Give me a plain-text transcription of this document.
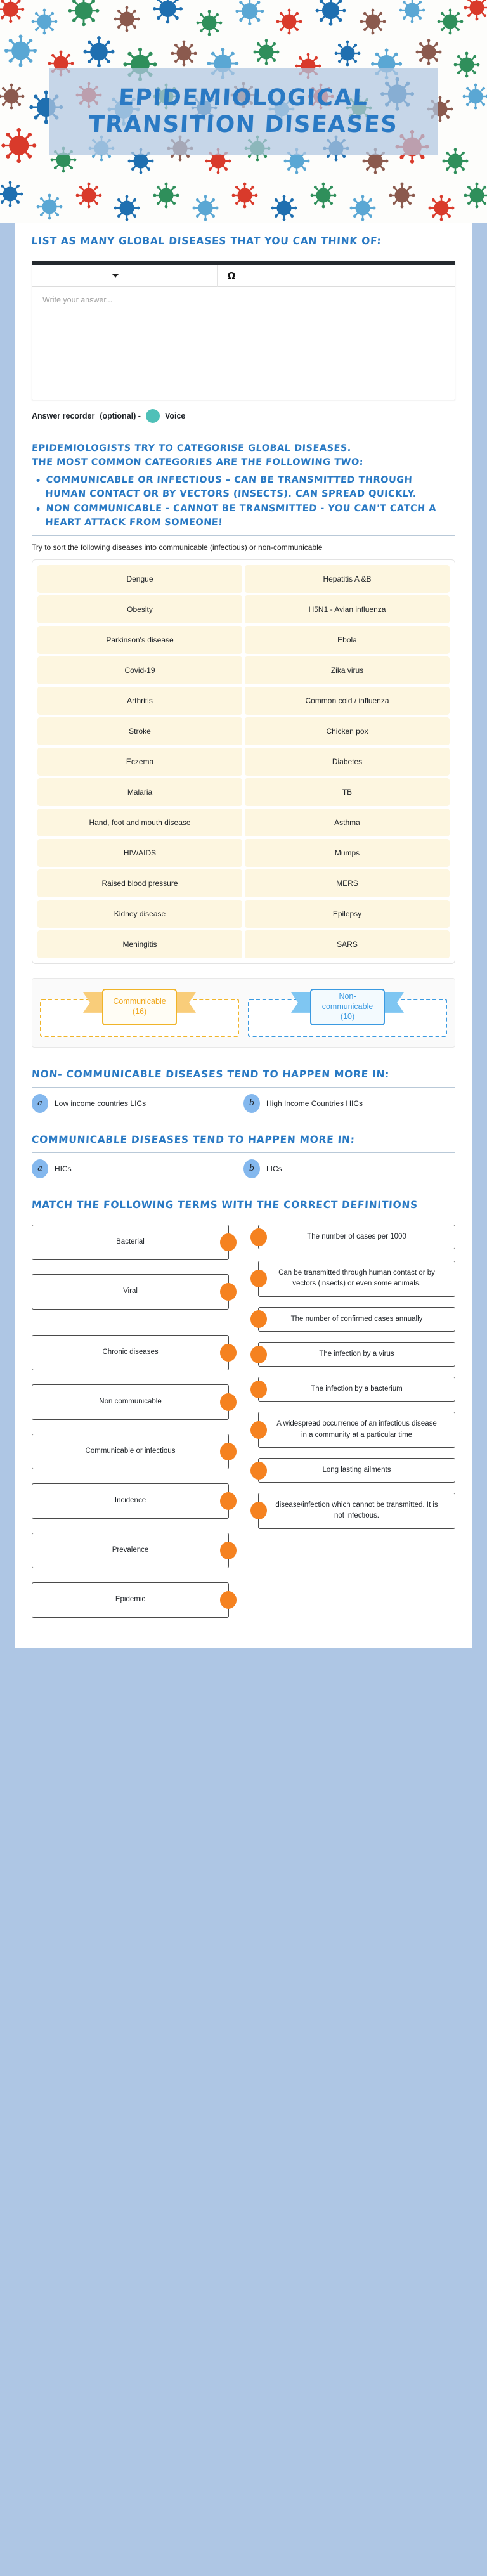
EPIDEMIOLOGICAL
TRANSITION DISEASES
LIST AS MANY GLOBAL DISEASES THAT YOU CAN THINK OF:
Ω
Write your answer...
Answer recorder (optional) -	Voice
EPIDEMIOLOGISTS TRY TO CATEGORISE GLOBAL DISEASES.
THE MOST COMMON CATEGORIES ARE THE FOLLOWING TWO:
COMMUNICABLE OR INFECTIOUS – CAN BE TRANSMITTED THROUGH HUMAN CONTACT OR BY VECTORS (INSECTS). CAN SPREAD QUICKLY.
NON COMMUNICABLE - CANNOT BE TRANSMITTED - YOU CAN'T CATCH A HEART ATTACK FROM SOMEONE!
Try to sort the following diseases into communicable (infectious) or non-communicable
Dengue	Hepatitis A &B
Obesity	H5N1 - Avian influenza
Parkinson's disease	Ebola
Covid-19	Zika virus
Arthritis	Common cold / influenza
Stroke	Chicken pox
Eczema	Diabetes
Malaria	TB
Hand, foot and mouth disease	Asthma
HIV/AIDS	Mumps
Raised blood pressure	MERS
Kidney disease	Epilepsy
Meningitis	SARS
Communicable (16)
Non-communicable (10)
NON- COMMUNICABLE DISEASES TEND TO HAPPEN MORE IN:
a	Low income countries LICs	b	High Income Countries HICs
COMMUNICABLE DISEASES TEND TO HAPPEN MORE IN:
a	HICs	b	LICs
MATCH THE FOLLOWING TERMS WITH THE CORRECT DEFINITIONS
Bacterial
Viral
Chronic diseases
Non communicable
Communicable or infectious
Incidence
Prevalence
Epidemic
The number of cases per 1000
Can be transmitted through human contact or by vectors (insects) or even some animals.
The number of confirmed cases annually
The infection by a virus
The infection by a bacterium
A widespread occurrence of an infectious disease in a community at a particular time
Long lasting ailments
disease/infection which cannot be transmitted. It is not infectious.
